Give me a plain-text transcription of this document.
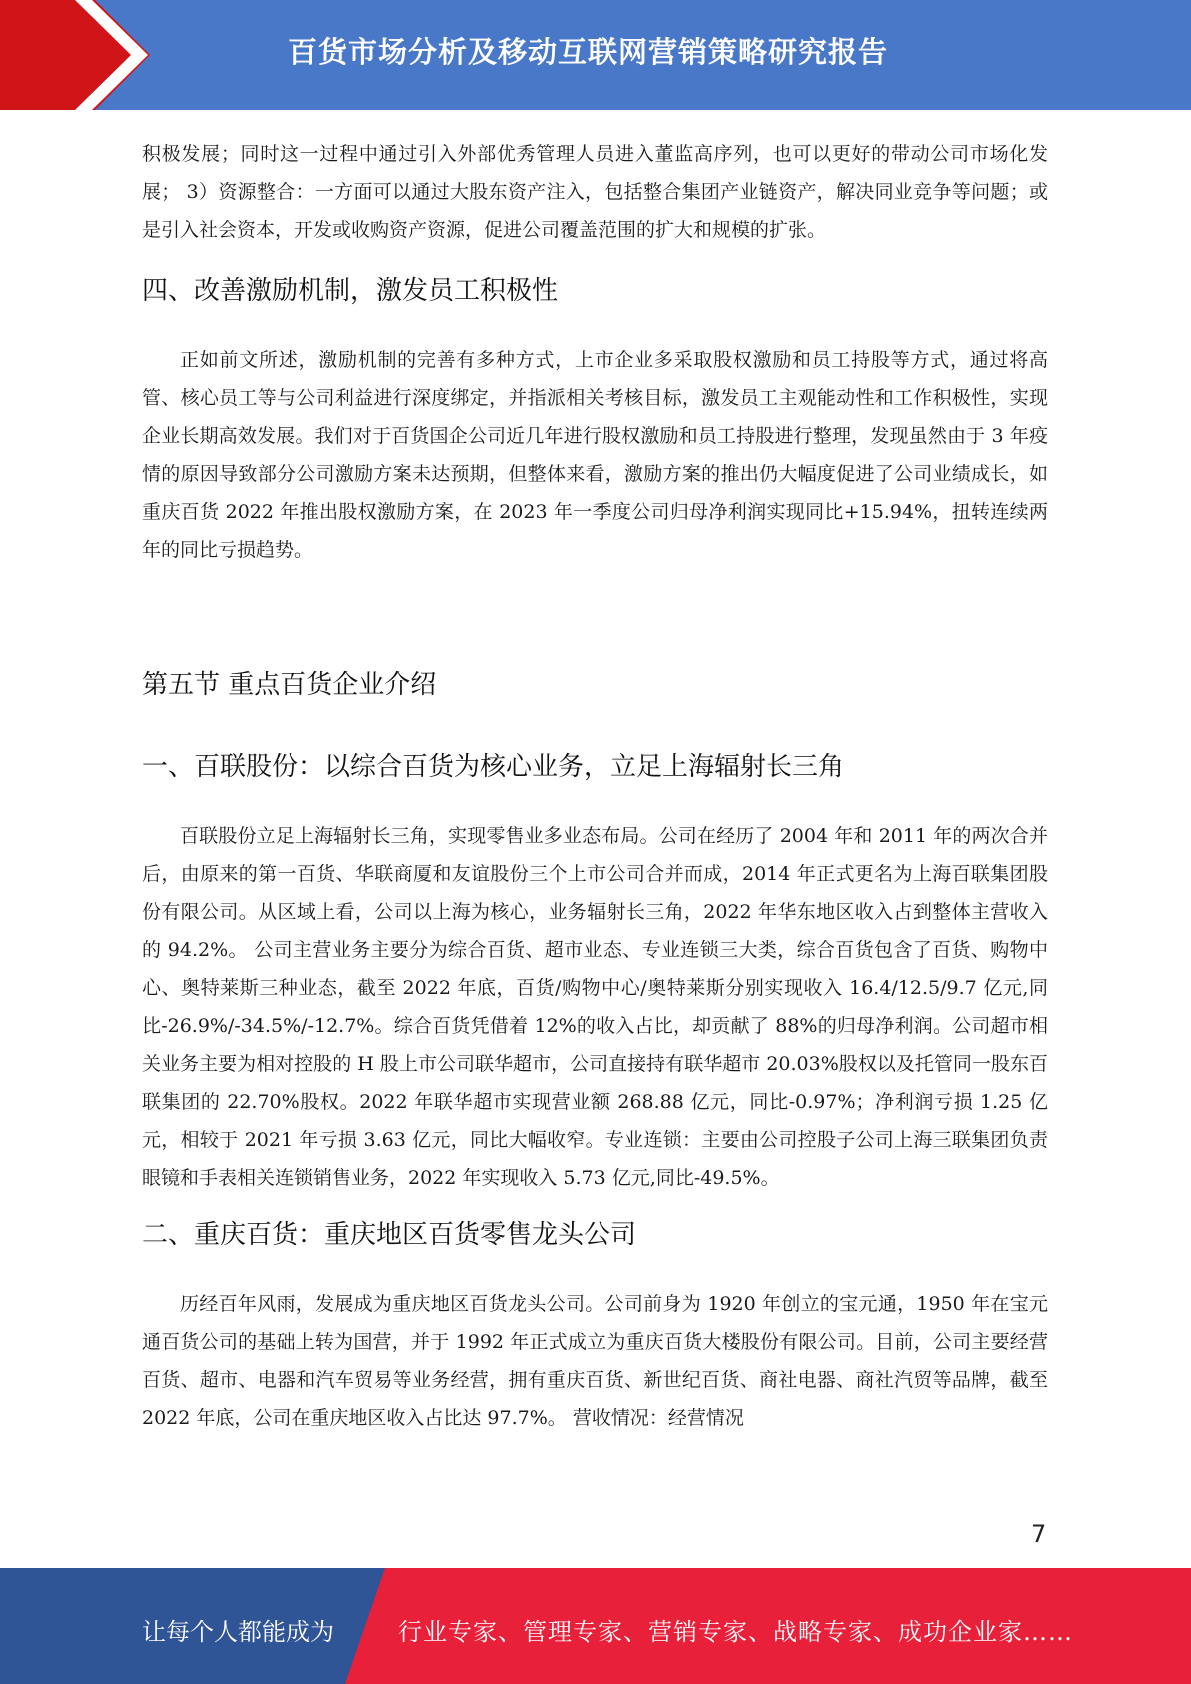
百货市场分析及移动互联网营销策略研究报告

积极发展；同时这一过程中通过引入外部优秀管理人员进入董监高序列，也可以更好的带动公司市场化发展； 3）资源整合：一方面可以通过大股东资产注入，包括整合集团产业链资产，解决同业竞争等问题；或是引入社会资本，开发或收购资产资源，促进公司覆盖范围的扩大和规模的扩张。

四、改善激励机制，激发员工积极性

正如前文所述，激励机制的完善有多种方式，上市企业多采取股权激励和员工持股等方式，通过将高管、核心员工等与公司利益进行深度绑定，并指派相关考核目标，激发员工主观能动性和工作积极性，实现企业长期高效发展。我们对于百货国企公司近几年进行股权激励和员工持股进行整理，发现虽然由于 3 年疫情的原因导致部分公司激励方案未达预期，但整体来看，激励方案的推出仍大幅度促进了公司业绩成长，如重庆百货 2022 年推出股权激励方案，在 2023 年一季度公司归母净利润实现同比+15.94%，扭转连续两年的同比亏损趋势。

第五节 重点百货企业介绍
一、百联股份：以综合百货为核心业务，立足上海辐射长三角

百联股份立足上海辐射长三角，实现零售业多业态布局。公司在经历了 2004 年和 2011 年的两次合并后，由原来的第一百货、华联商厦和友谊股份三个上市公司合并而成，2014 年正式更名为上海百联集团股份有限公司。从区域上看，公司以上海为核心，业务辐射长三角，2022 年华东地区收入占到整体主营收入的 94.2%。 公司主营业务主要分为综合百货、超市业态、专业连锁三大类，综合百货包含了百货、购物中心、奥特莱斯三种业态，截至 2022 年底，百货/购物中心/奥特莱斯分别实现收入 16.4/12.5/9.7 亿元,同比-26.9%/-34.5%/-12.7%。综合百货凭借着 12%的收入占比，却贡献了 88%的归母净利润。公司超市相关业务主要为相对控股的 H 股上市公司联华超市，公司直接持有联华超市 20.03%股权以及托管同一股东百联集团的 22.70%股权。2022 年联华超市实现营业额 268.88 亿元，同比-0.97%；净利润亏损 1.25 亿元，相较于 2021 年亏损 3.63 亿元，同比大幅收窄。专业连锁：主要由公司控股子公司上海三联集团负责眼镜和手表相关连锁销售业务，2022 年实现收入 5.73 亿元,同比-49.5%。

二、重庆百货：重庆地区百货零售龙头公司

历经百年风雨，发展成为重庆地区百货龙头公司。公司前身为 1920 年创立的宝元通，1950 年在宝元通百货公司的基础上转为国营，并于 1992 年正式成立为重庆百货大楼股份有限公司。目前，公司主要经营百货、超市、电器和汽车贸易等业务经营，拥有重庆百货、新世纪百货、商社电器、商社汽贸等品牌，截至 2022 年底，公司在重庆地区收入占比达 97.7%。 营收情况：经营情况

7
让每个人都能成为	行业专家、管理专家、营销专家、战略专家、成功企业家……
